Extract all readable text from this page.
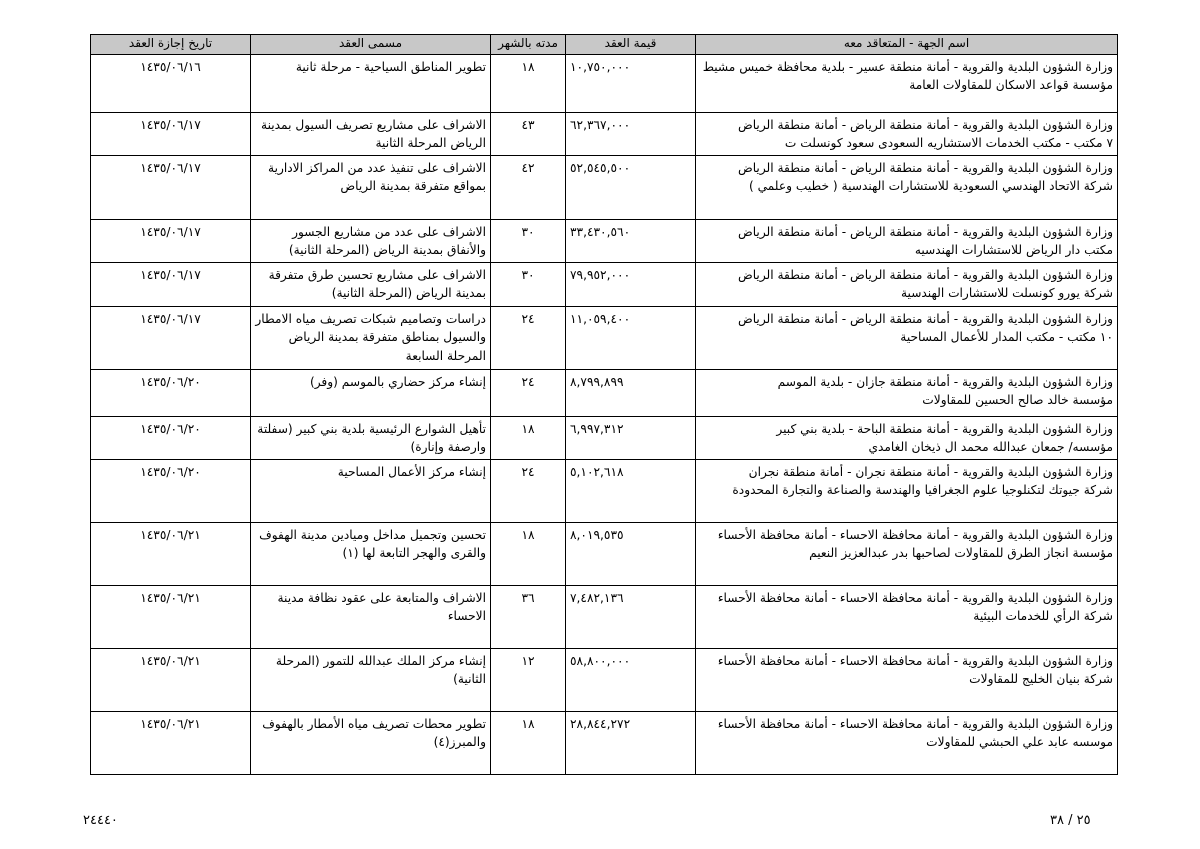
اسم الجهة - المتعاقد معه	قيمة العقد	مدته بالشهر	مسمى العقد	تاريخ إجازة العقد

وزارة الشؤون البلدية والقروية - أمانة منطقة عسير - بلدية محافظة خميس مشيط
مؤسسة قواعد الاسكان للمقاولات العامة	١٠,٧٥٠,٠٠٠	١٨	تطوير المناطق السياحية - مرحلة ثانية	١٤٣٥/٠٦/١٦

وزارة الشؤون البلدية والقروية - أمانة منطقة الرياض - أمانة منطقة الرياض
٧ مكتب - مكتب الخدمات الاستشاريه السعودى سعود كونسلت ت	٦٢,٣٦٧,٠٠٠	٤٣	الاشراف على مشاريع تصريف السيول بمدينة الرياض المرحلة الثانية	١٤٣٥/٠٦/١٧

وزارة الشؤون البلدية والقروية - أمانة منطقة الرياض - أمانة منطقة الرياض
شركة الاتحاد الهندسي السعودية للاستشارات الهندسية ( خطيب وعلمي )	٥٢,٥٤٥,٥٠٠	٤٢	الاشراف على تنفيذ عدد من المراكز الادارية بمواقع متفرقة بمدينة الرياض	١٤٣٥/٠٦/١٧

وزارة الشؤون البلدية والقروية - أمانة منطقة الرياض - أمانة منطقة الرياض
مكتب دار الرياض للاستشارات الهندسيه	٣٣,٤٣٠,٥٦٠	٣٠	الاشراف على عدد من مشاريع الجسور والأنفاق بمدينة الرياض (المرحلة الثانية)	١٤٣٥/٠٦/١٧

وزارة الشؤون البلدية والقروية - أمانة منطقة الرياض - أمانة منطقة الرياض
شركة يورو كونسلت للاستشارات الهندسية	٧٩,٩٥٢,٠٠٠	٣٠	الاشراف على مشاريع تحسين طرق متفرقة بمدينة الرياض (المرحلة الثانية)	١٤٣٥/٠٦/١٧

وزارة الشؤون البلدية والقروية - أمانة منطقة الرياض - أمانة منطقة الرياض
١٠ مكتب - مكتب المدار للأعمال المساحية	١١,٠٥٩,٤٠٠	٢٤	دراسات وتصاميم شبكات تصريف مياه الامطار والسيول بمناطق متفرقة بمدينة الرياض المرحلة السابعة	١٤٣٥/٠٦/١٧

وزارة الشؤون البلدية والقروية - أمانة منطقة جازان - بلدية الموسم
مؤسسة خالد صالح الحسين للمقاولات	٨,٧٩٩,٨٩٩	٢٤	إنشاء مركز حضاري بالموسم (وفر)	١٤٣٥/٠٦/٢٠

وزارة الشؤون البلدية والقروية - أمانة منطقة الباحة - بلدية بني كبير
مؤسسه/ جمعان عبدالله محمد ال ذيخان الغامدي	٦,٩٩٧,٣١٢	١٨	تأهيل الشوارع الرئيسية بلدية بني كبير (سفلتة وارصفة وإنارة)	١٤٣٥/٠٦/٢٠

وزارة الشؤون البلدية والقروية - أمانة منطقة نجران - أمانة منطقة نجران
شركة جيوتك لتكنلوجيا علوم الجغرافيا والهندسة والصناعة والتجارة المحدودة	٥,١٠٢,٦١٨	٢٤	إنشاء مركز الأعمال المساحية	١٤٣٥/٠٦/٢٠

وزارة الشؤون البلدية والقروية - أمانة محافظة الاحساء - أمانة محافظة الأحساء
مؤسسة انجاز الطرق للمقاولات لصاحبها بدر عبدالعزيز النعيم	٨,٠١٩,٥٣٥	١٨	تحسين وتجميل مداخل وميادين مدينة الهفوف والقرى والهجر التابعة لها (١)	١٤٣٥/٠٦/٢١

وزارة الشؤون البلدية والقروية - أمانة محافظة الاحساء - أمانة محافظة الأحساء
شركة الرأي للخدمات البيئية	٧,٤٨٢,١٣٦	٣٦	الاشراف والمتابعة على عقود نظافة مدينة الاحساء	١٤٣٥/٠٦/٢١

وزارة الشؤون البلدية والقروية - أمانة محافظة الاحساء - أمانة محافظة الأحساء
شركة بنيان الخليج للمقاولات	٥٨,٨٠٠,٠٠٠	١٢	إنشاء مركز الملك عبدالله للتمور (المرحلة الثانية)	١٤٣٥/٠٦/٢١

وزارة الشؤون البلدية والقروية - أمانة محافظة الاحساء - أمانة محافظة الأحساء
موسسه عابد علي الحبشي للمقاولات	٢٨,٨٤٤,٢٧٢	١٨	تطوير محطات تصريف مياه الأمطار بالهفوف والمبرز(٤)	١٤٣٥/٠٦/٢١
٢٥ / ٣٨
٢٤٤٤٠
